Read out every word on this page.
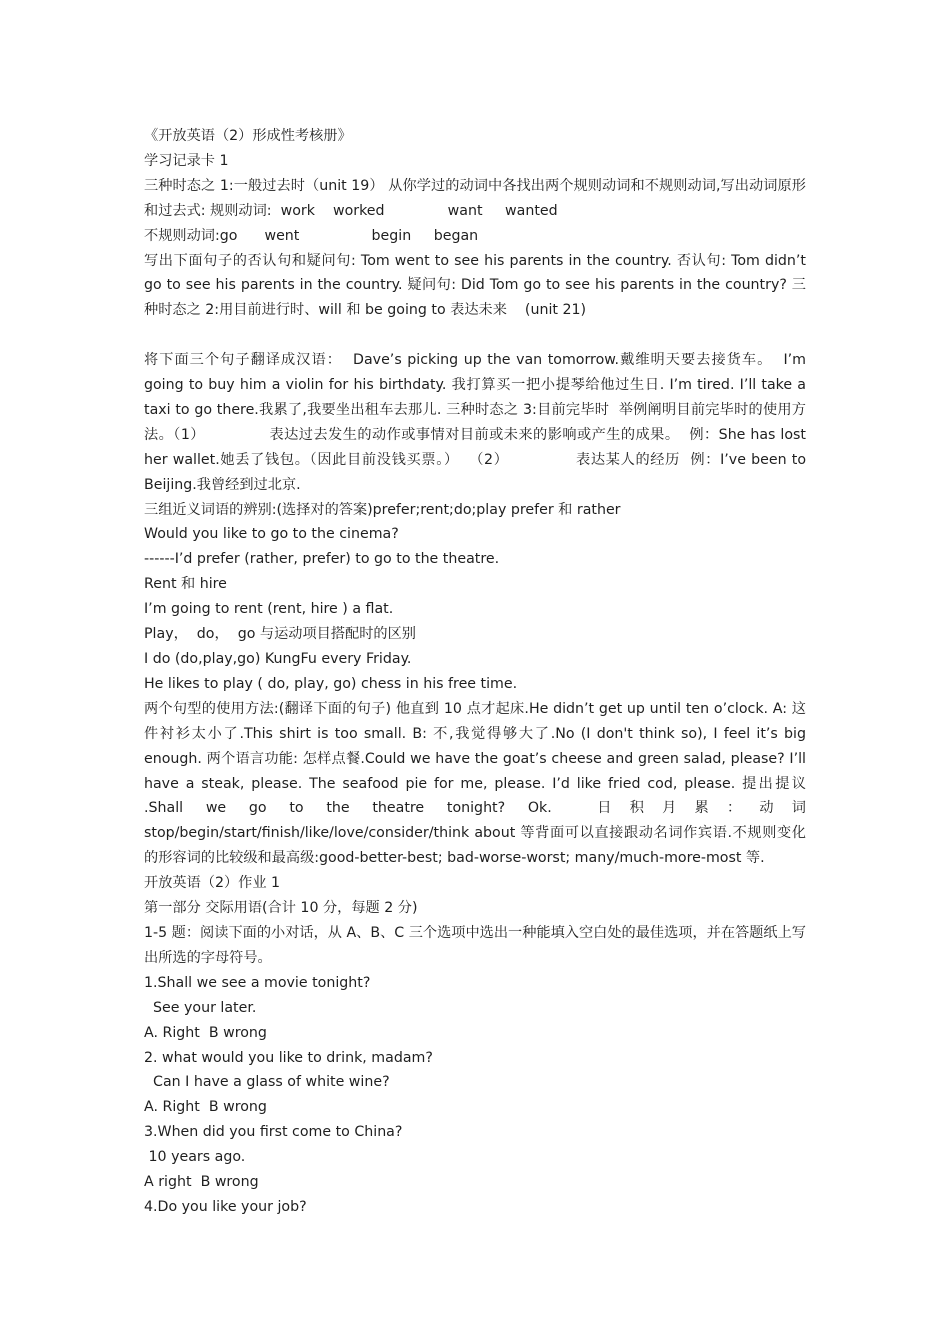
《开放英语（2）形成性考核册》

学习记录卡 1

三种时态之 1:一般过去时（unit 19） 从你学过的动词中各找出两个规则动词和不规则动词,写出动词原形和过去式: 规则动词:  work    worked              want     wanted

不规则动词:go      went                begin     began

写出下面句子的否认句和疑问句: Tom went to see his parents in the country. 否认句: Tom didn’t go to see his parents in the country. 疑问句: Did Tom go to see his parents in the country? 三种时态之 2:用目前进行时、will 和 be going to 表达未来    (unit 21)

将下面三个句子翻译成汉语：  Dave’s picking up the van tomorrow.戴维明天要去接货车。  I’m going to buy him a violin for his birthdaty. 我打算买一把小提琴给他过生日. I’m tired. I’ll take a taxi to go there.我累了,我要坐出租车去那儿. 三种时态之 3:目前完毕时  举例阐明目前完毕时的使用方法。（1）             表达过去发生的动作或事情对目前或未来的影响或产生的成果。  例：She has lost her wallet.她丢了钱包。（因此目前没钱买票。）  （2）             表达某人的经历  例：I’ve been to Beijing.我曾经到过北京.

三组近义词语的辨别:(选择对的答案)prefer;rent;do;play prefer 和 rather

Would you like to go to the cinema?

------I’d prefer (rather, prefer) to go to the theatre.

Rent 和 hire

I’m going to rent (rent, hire ) a flat.

Play，  do，  go 与运动项目搭配时的区别

I do (do,play,go) KungFu every Friday.

He likes to play ( do, play, go) chess in his free time.

两个句型的使用方法:(翻译下面的句子) 他直到 10 点才起床.He didn’t get up until ten o’clock. A: 这件衬衫太小了.This shirt is too small. B: 不,我觉得够大了.No (I don't think so), I feel it’s big enough. 两个语言功能: 怎样点餐.Could we have the goat’s cheese and green salad, please? I’ll have a steak, please. The seafood pie for me, please. I’d like fried cod, please. 提出提议 .Shall we go to the theatre tonight? Ok.  日积月累：动词 stop/begin/start/finish/like/love/consider/think about 等背面可以直接跟动名词作宾语.不规则变化的形容词的比较级和最高级:good-better-best; bad-worse-worst; many/much-more-most 等.

开放英语（2）作业 1

第一部分 交际用语(合计 10 分，每题 2 分)

1-5 题：阅读下面的小对话，从 A、B、C 三个选项中选出一种能填入空白处的最佳选项，并在答题纸上写出所选的字母符号。

1.Shall we see a movie tonight?

See your later.

A. Right  B wrong

2. what would you like to drink, madam?

Can I have a glass of white wine?

A. Right  B wrong

3.When did you first come to China?

10 years ago.

A right  B wrong

4.Do you like your job?
